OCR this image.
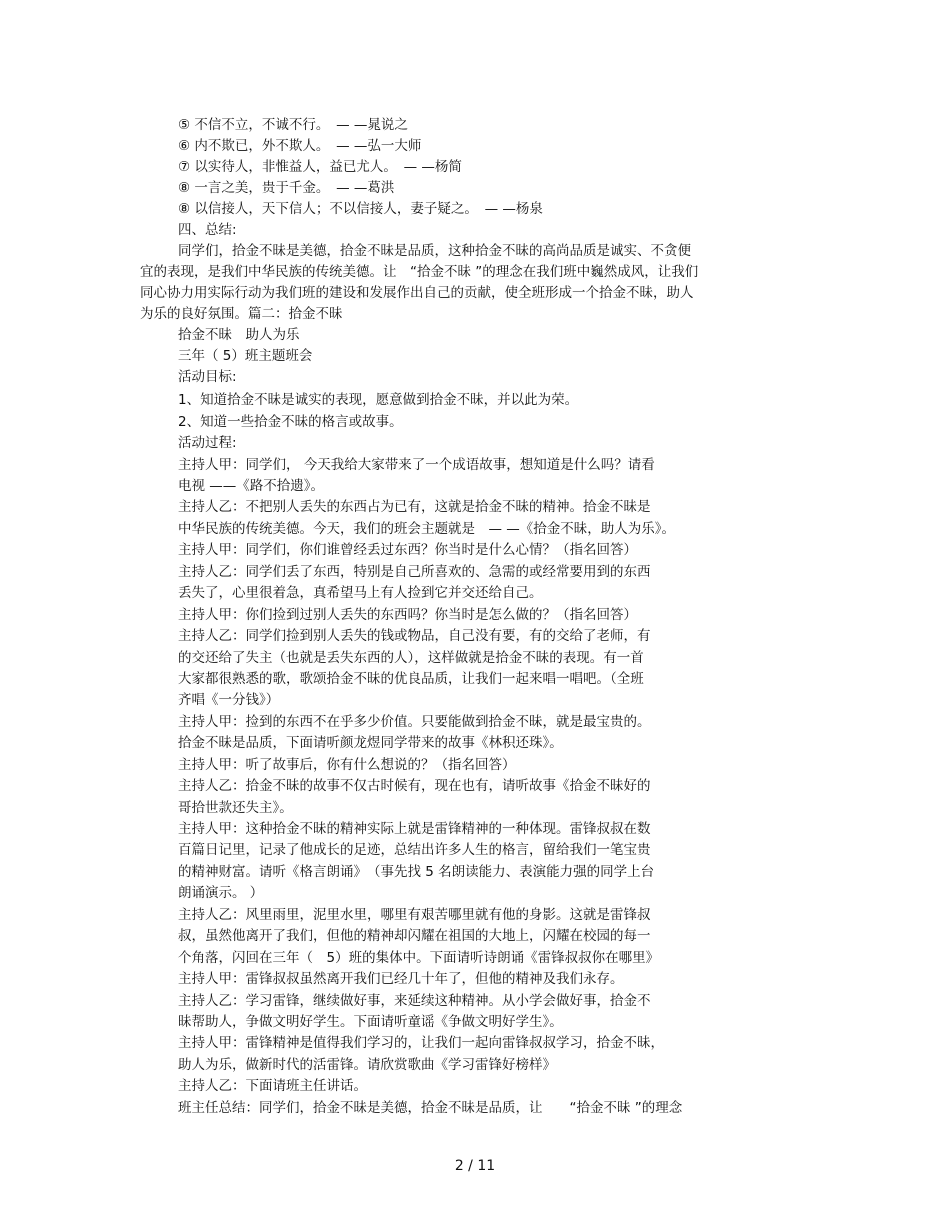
⑤ 不信不立，不诚不行。　— —晁说之
⑥ 内不欺已，外不欺人。　— —弘一大师
⑦ 以实待人，非惟益人，益已尤人。　— —杨简
⑧ 一言之美，贵于千金。　— —葛洪
⑧ 以信接人，天下信人；不以信接人，妻子疑之。　— —杨泉
四、总结:
同学们，拾金不昧是美德，拾金不昧是品质，这种拾金不昧的高尚品质是诚实、不贪便
宜的表现，是我们中华民族的传统美德。让　“拾金不昧 ”的理念在我们班中巍然成风，让我们
同心协力用实际行动为我们班的建设和发展作出自己的贡献，使全班形成一个拾金不昧，助人
为乐的良好氛围。篇二：拾金不昧
拾金不昧　助人为乐
三年（ 5）班主题班会
活动目标:
1、知道拾金不昧是诚实的表现，愿意做到拾金不昧，并以此为荣。
2、知道一些拾金不昧的格言或故事。
活动过程:
主持人甲：同学们， 今天我给大家带来了一个成语故事，想知道是什么吗？请看
电视 ——《路不拾遗》。
主持人乙：不把别人丢失的东西占为已有，这就是拾金不昧的精神。拾金不昧是
中华民族的传统美德。今天，我们的班会主题就是　— —《拾金不昧，助人为乐》。
主持人甲：同学们，你们谁曾经丢过东西？你当时是什么心情？（指名回答）
主持人乙：同学们丢了东西，特别是自己所喜欢的、急需的或经常要用到的东西
丢失了，心里很着急，真希望马上有人捡到它并交还给自己。
主持人甲：你们捡到过别人丢失的东西吗？你当时是怎么做的？（指名回答）
主持人乙：同学们捡到别人丢失的钱或物品，自己没有要，有的交给了老师，有
的交还给了失主（也就是丢失东西的人），这样做就是拾金不昧的表现。有一首
大家都很熟悉的歌，歌颂拾金不昧的优良品质，让我们一起来唱一唱吧。（全班
齐唱《一分钱》）
主持人甲：捡到的东西不在乎多少价值。只要能做到拾金不昧，就是最宝贵的。
拾金不昧是品质，下面请听颜龙煜同学带来的故事《林积还珠》。
主持人甲：听了故事后，你有什么想说的？（指名回答）
主持人乙：拾金不昧的故事不仅古时候有，现在也有，请听故事《拾金不昧好的
哥拾世款还失主》。
主持人甲：这种拾金不昧的精神实际上就是雷锋精神的一种体现。雷锋叔叔在数
百篇日记里，记录了他成长的足迹，总结出许多人生的格言，留给我们一笔宝贵
的精神财富。请听《格言朗诵》　（事先找 5 名朗读能力、表演能力强的同学上台
朗诵演示。 ）
主持人乙：风里雨里，泥里水里，哪里有艰苦哪里就有他的身影。这就是雷锋叔
叔，虽然他离开了我们，但他的精神却闪耀在祖国的大地上，闪耀在校园的每一
个角落，闪回在三年（　5）班的集体中。下面请听诗朗诵《雷锋叔叔你在哪里》
主持人甲：雷锋叔叔虽然离开我们已经几十年了，但他的精神及我们永存。
主持人乙：学习雷锋，继续做好事，来延续这种精神。从小学会做好事，拾金不
昧帮助人，争做文明好学生。下面请听童谣《争做文明好学生》。
主持人甲：雷锋精神是值得我们学习的，让我们一起向雷锋叔叔学习，拾金不昧，
助人为乐，做新时代的活雷锋。请欣赏歌曲《学习雷锋好榜样》
主持人乙：下面请班主任讲话。
班主任总结：同学们，拾金不昧是美德，拾金不昧是品质，让　　“拾金不昧 ”的理念
2 / 11
